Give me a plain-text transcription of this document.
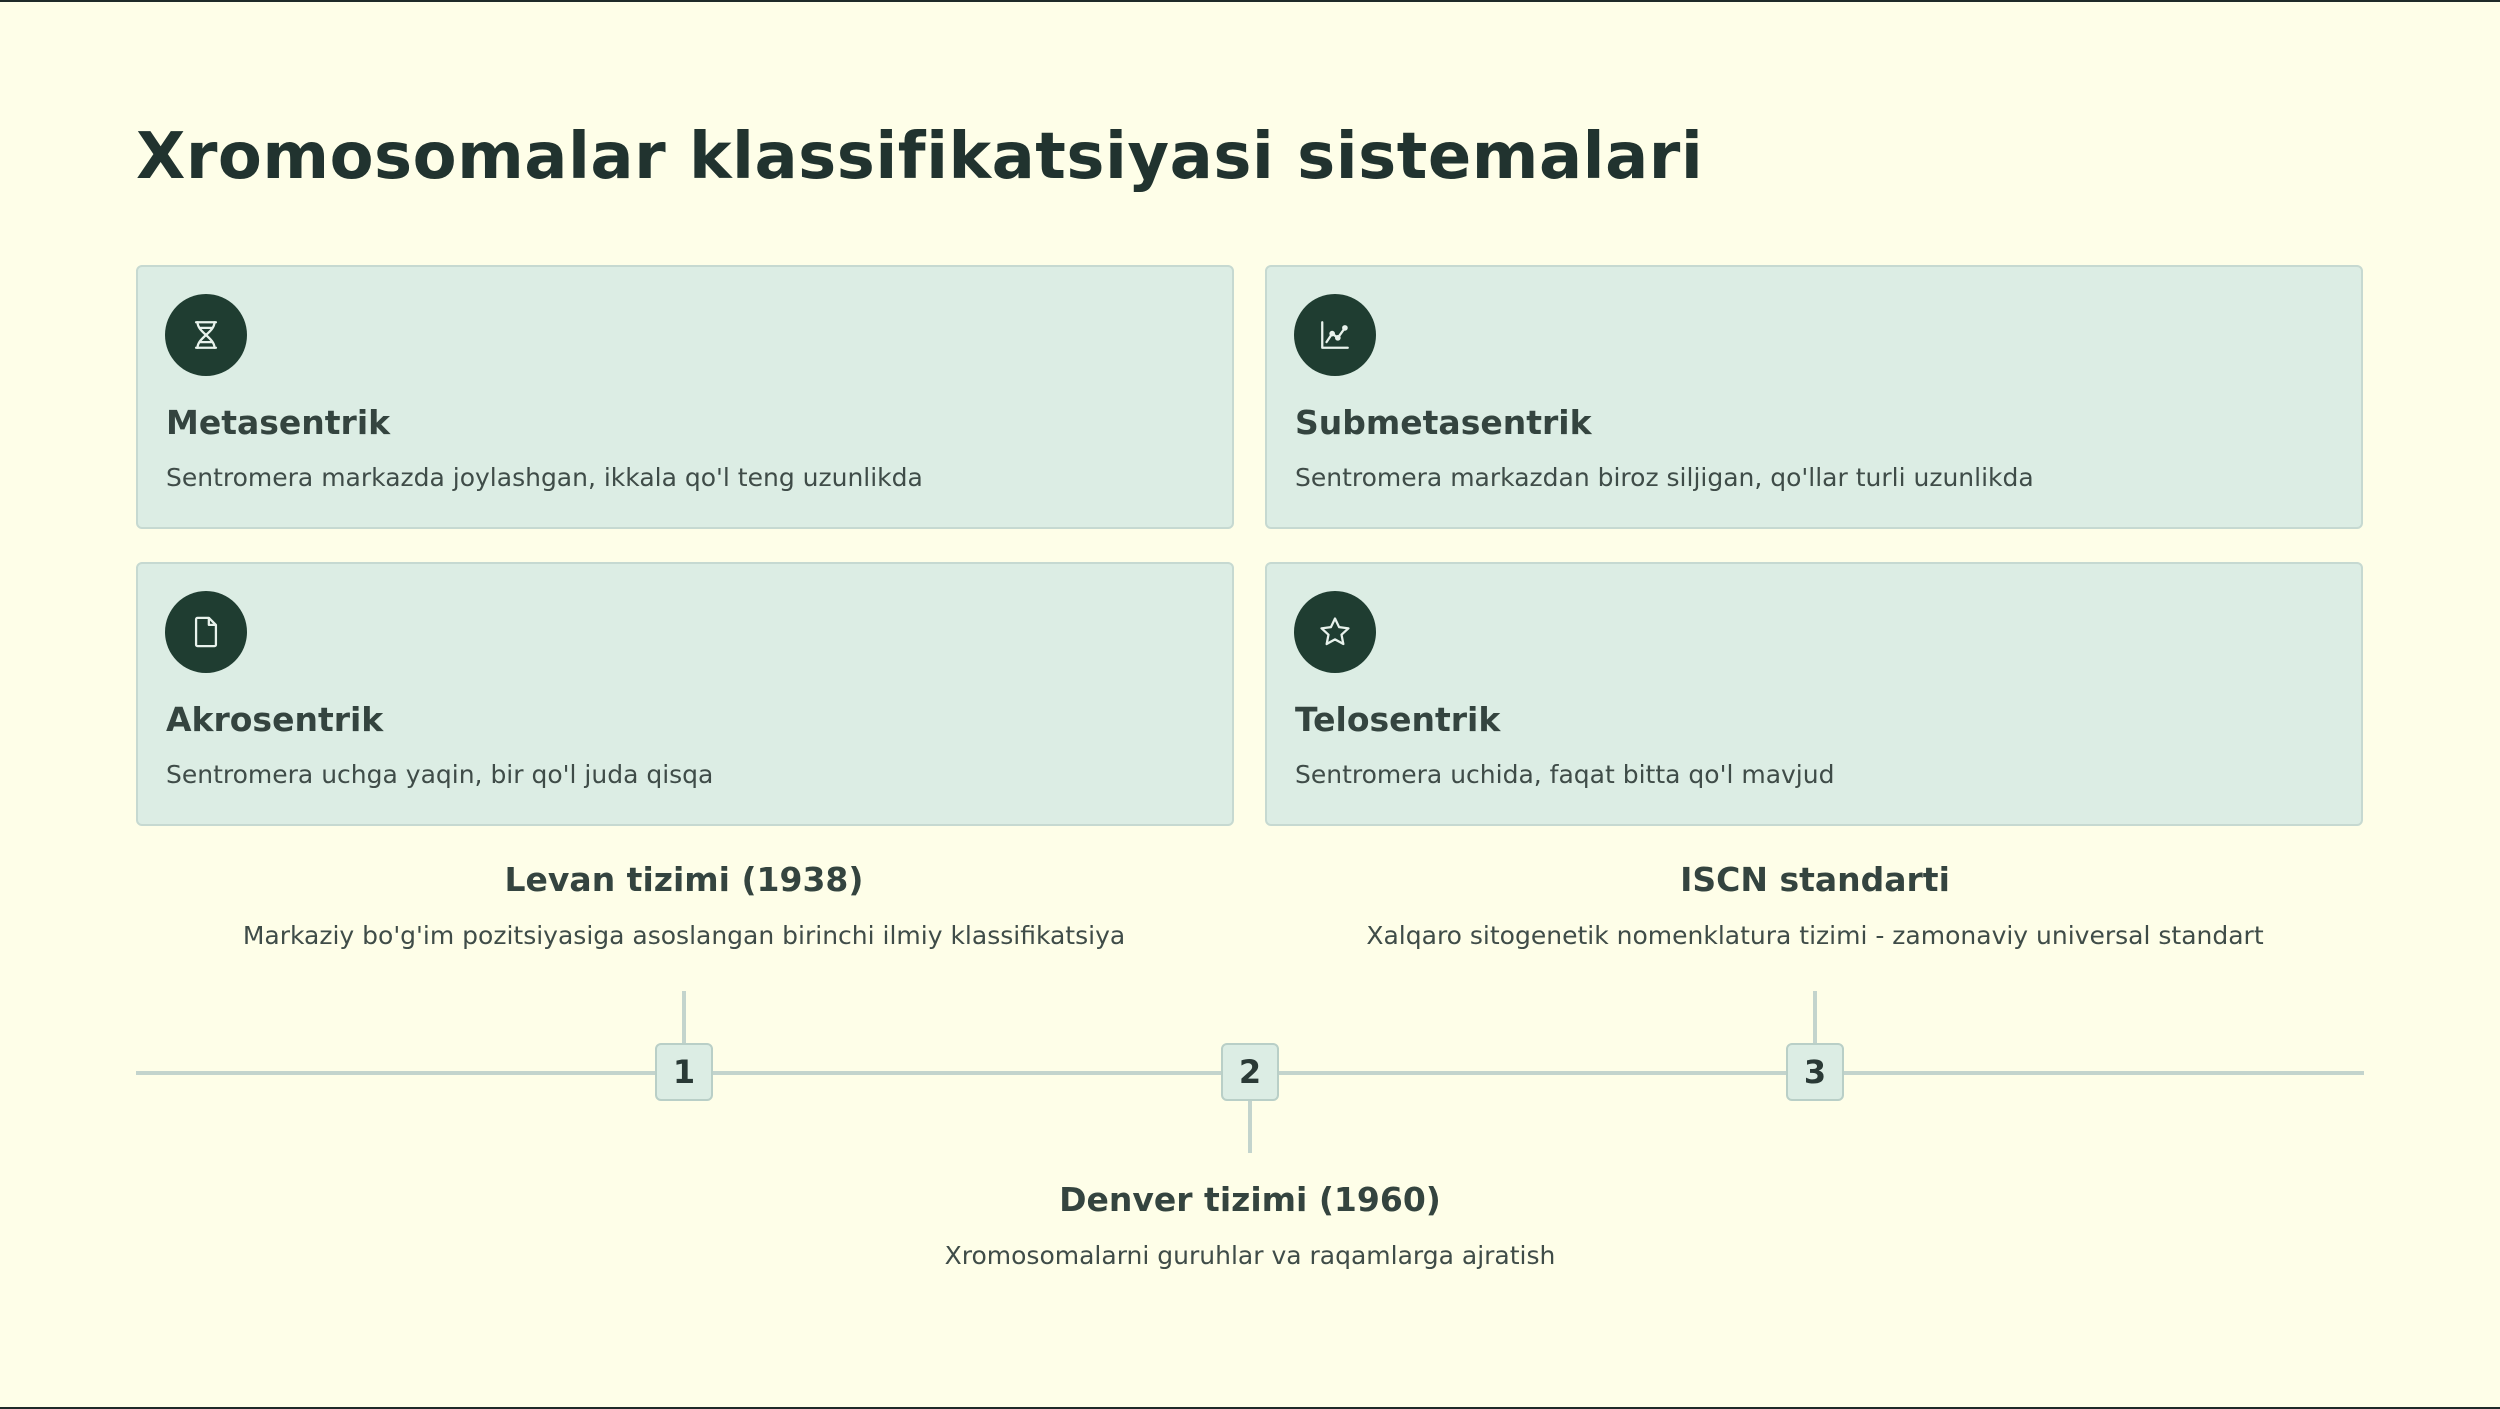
Xromosomalar klassifikatsiyasi sistemalari
Metasentrik
Sentromera markazda joylashgan, ikkala qo'l teng uzunlikda
Submetasentrik
Sentromera markazdan biroz siljigan, qo'llar turli uzunlikda
Akrosentrik
Sentromera uchga yaqin, bir qo'l juda qisqa
Telosentrik
Sentromera uchida, faqat bitta qo'l mavjud
1	2	3
Levan tizimi (1938)
Markaziy bo'g'im pozitsiyasiga asoslangan birinchi ilmiy klassifikatsiya
Denver tizimi (1960)
Xromosomalarni guruhlar va raqamlarga ajratish
ISCN standarti
Xalqaro sitogenetik nomenklatura tizimi - zamonaviy universal standart
